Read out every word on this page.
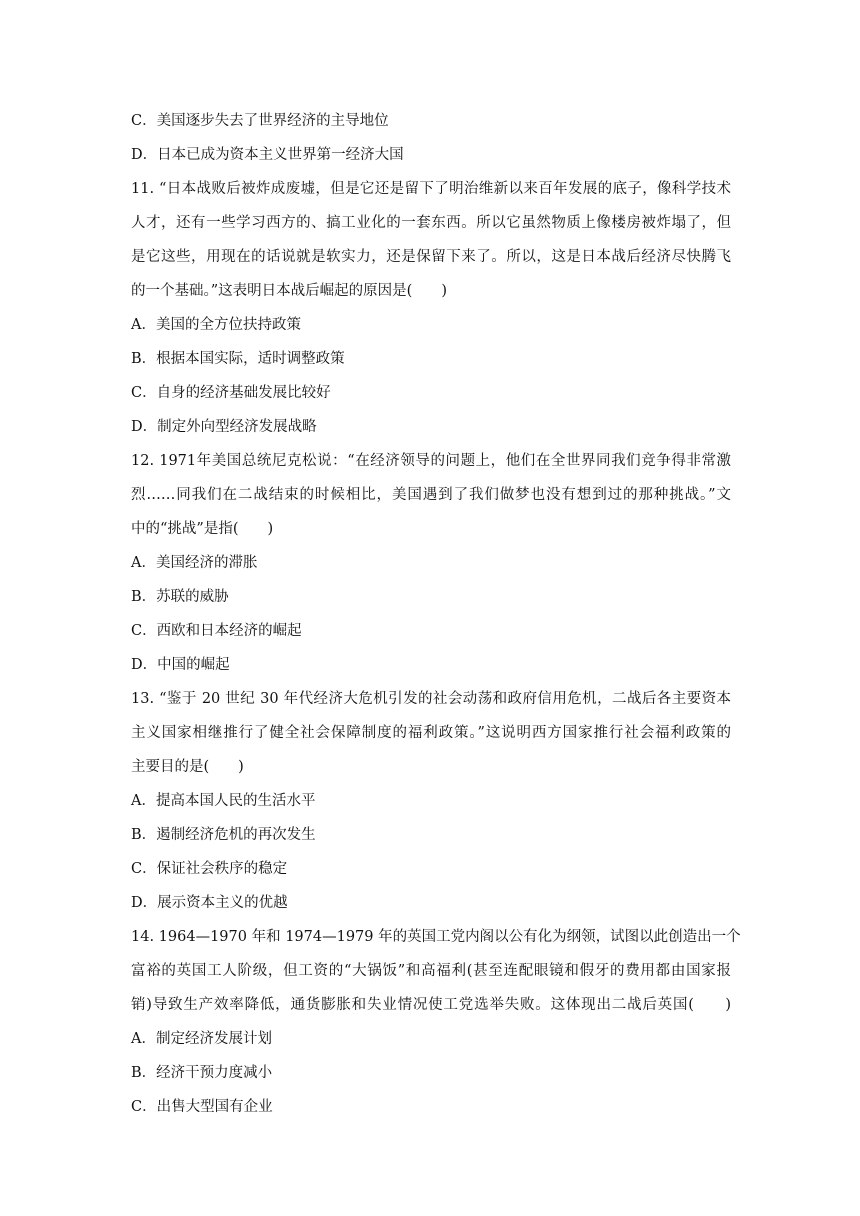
C．美国逐步失去了世界经济的主导地位
D．日本已成为资本主义世界第一经济大国
11. “日本战败后被炸成废墟，但是它还是留下了明治维新以来百年发展的底子，像科学技术
人才，还有一些学习西方的、搞工业化的一套东西。所以它虽然物质上像楼房被炸塌了，但
是它这些，用现在的话说就是软实力，还是保留下来了。所以，这是日本战后经济尽快腾飞
的一个基础。”这表明日本战后崛起的原因是(　　)
A．美国的全方位扶持政策
B．根据本国实际，适时调整政策
C．自身的经济基础发展比较好
D．制定外向型经济发展战略
12. 1971年美国总统尼克松说：“在经济领导的问题上，他们在全世界同我们竞争得非常激
烈……同我们在二战结束的时候相比，美国遇到了我们做梦也没有想到过的那种挑战。”文
中的“挑战”是指(　　)
A．美国经济的滞胀
B．苏联的威胁
C．西欧和日本经济的崛起
D．中国的崛起
13. “鉴于 20 世纪 30 年代经济大危机引发的社会动荡和政府信用危机，二战后各主要资本
主义国家相继推行了健全社会保障制度的福利政策。”这说明西方国家推行社会福利政策的
主要目的是(　　)
A．提高本国人民的生活水平
B．遏制经济危机的再次发生
C．保证社会秩序的稳定
D．展示资本主义的优越
14. 1964—1970 年和 1974—1979 年的英国工党内阁以公有化为纲领，试图以此创造出一个
富裕的英国工人阶级，但工资的“大锅饭”和高福利(甚至连配眼镜和假牙的费用都由国家报
销)导致生产效率降低，通货膨胀和失业情况使工党选举失败。这体现出二战后英国(　　)
A．制定经济发展计划
B．经济干预力度减小
C．出售大型国有企业
